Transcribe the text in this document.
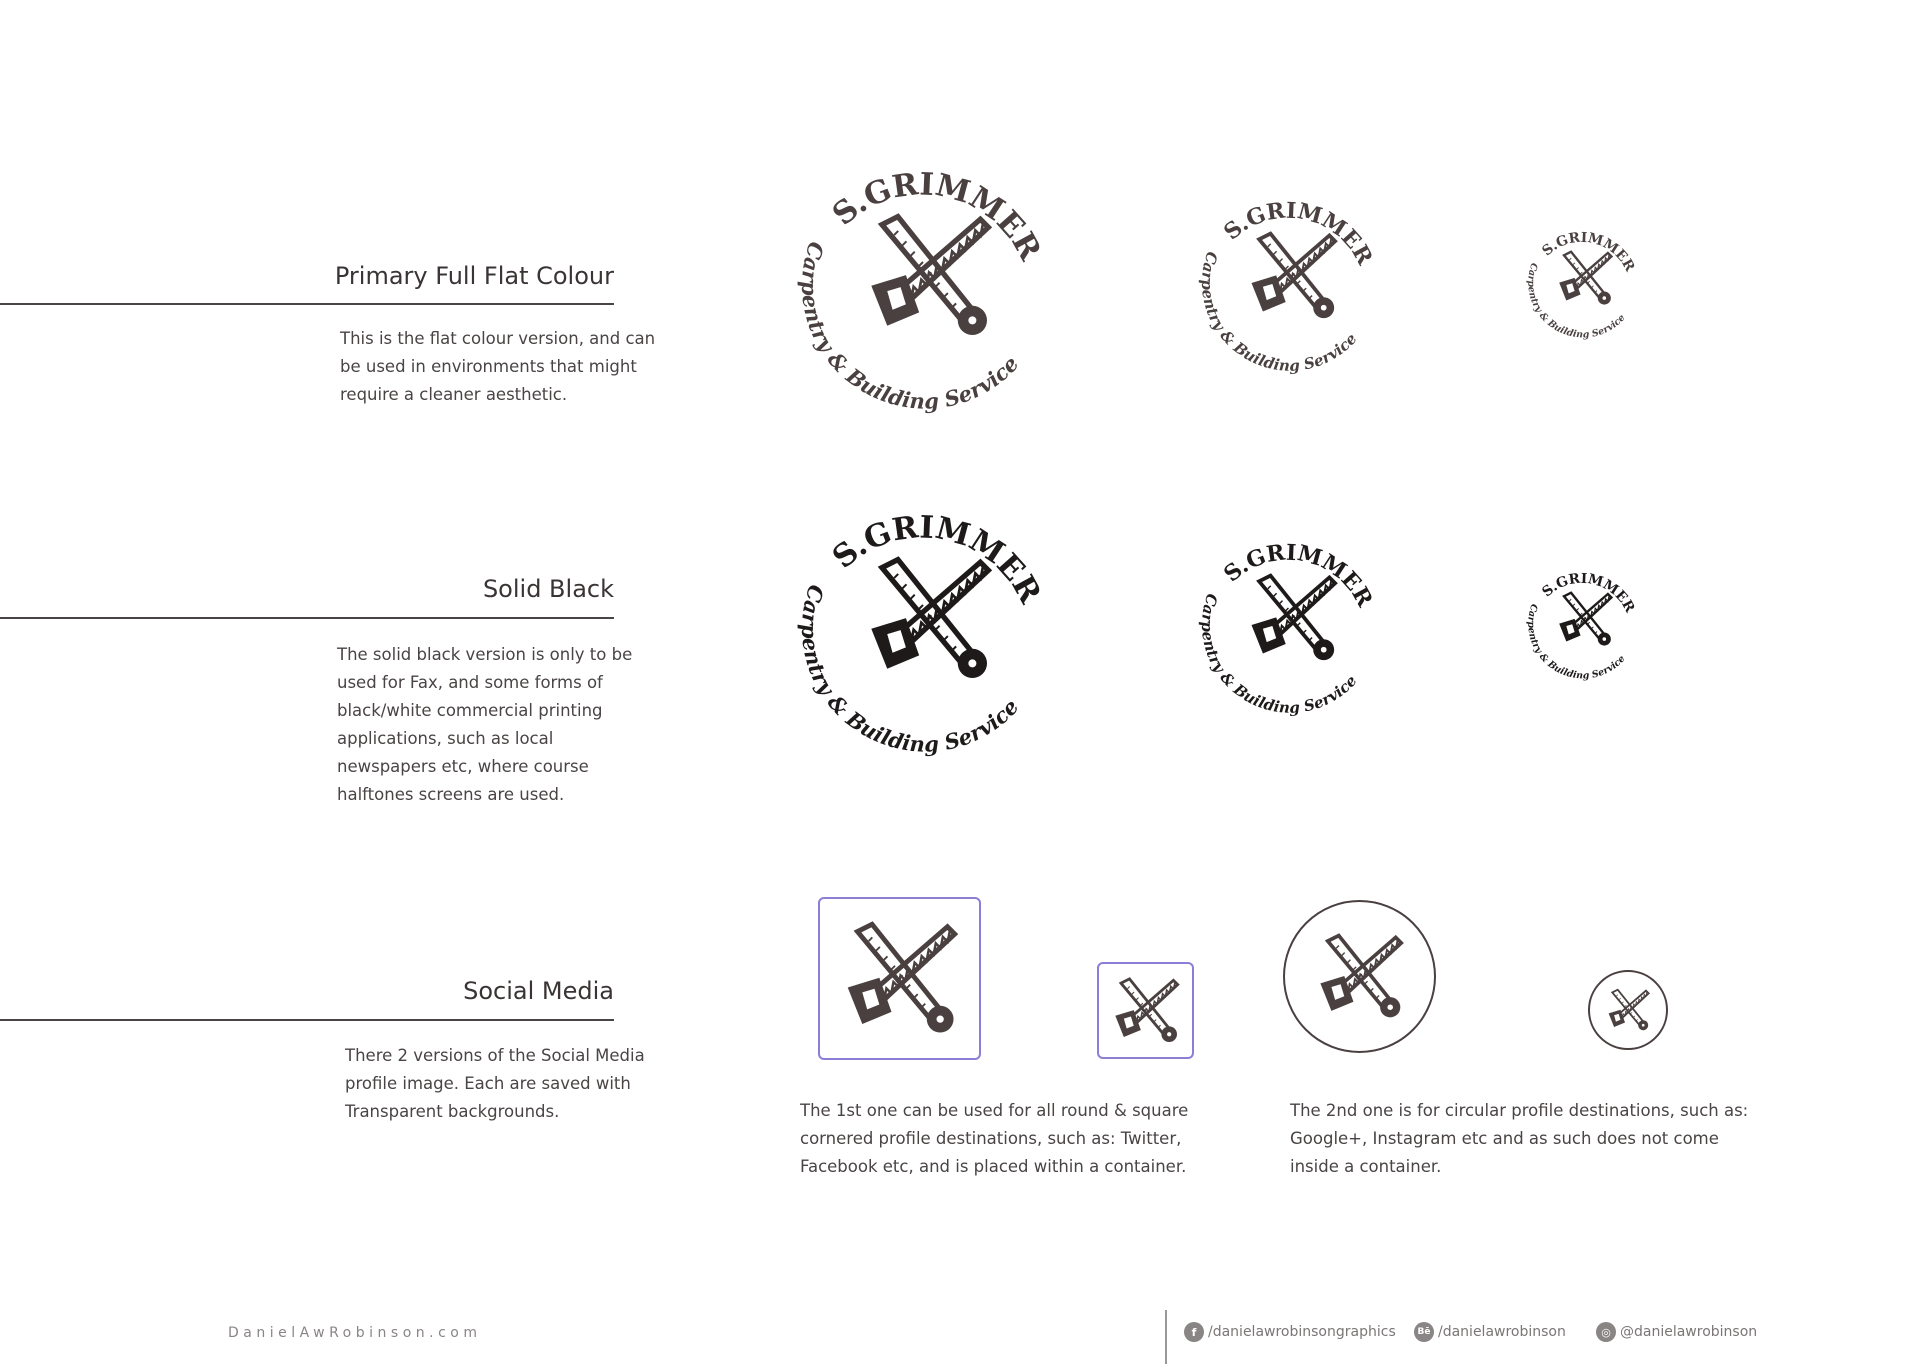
Primary Full Flat Colour
This is the flat colour version, and can
be used in environments that might
require a cleaner aesthetic.
Solid Black
The solid black version is only to be
used for Fax, and some forms of
black/white commercial printing
applications, such as local
newspapers etc, where course
halftones screens are used.
Social Media
There 2 versions of the Social Media
profile image. Each are saved with
Transparent backgrounds.
S.GRIMMER
Carpentry & Building Service
S.GRIMMER
Carpentry & Building Service
S.GRIMMER
Carpentry & Building Service
S.GRIMMER
Carpentry & Building Service
S.GRIMMER
Carpentry & Building Service
S.GRIMMER
Carpentry & Building Service
The 1st one can be used for all round & square
cornered profile destinations, such as: Twitter,
Facebook etc, and is placed within a container.
The 2nd one is for circular profile destinations, such as:
Google+, Instagram etc and as such does not come
inside a container.
DanielAwRobinson.com	f /danielawrobinsongraphics	Bē /danielawrobinson	◎ @danielawrobinson
